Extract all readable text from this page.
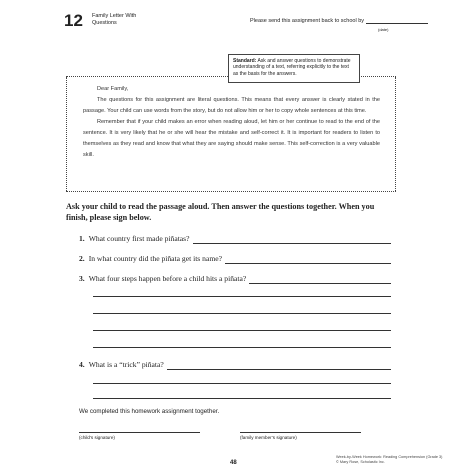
12 Family Letter With Questions	Please send this assignment back to school by
(date)
Standard: Ask and answer questions to demonstrate understanding of a text, referring explicitly to the text as the basis for the answers.

Dear Family,

The questions for this assignment are literal questions. This means that every answer is clearly stated in the passage. Your child can use words from the story, but do not allow him or her to copy whole sentences at this time.

Remember that if your child makes an error when reading aloud, let him or her continue to read to the end of the sentence. It is very likely that he or she will hear the mistake and self-correct it. It is important for readers to listen to themselves as they read and know that what they are saying should make sense. This self-correction is a very valuable skill.

Ask your child to read the passage aloud. Then answer the questions together. When you finish, please sign below.
1. What country first made piñatas?
2. In what country did the piñata get its name?
3. What four steps happen before a child hits a piñata?
4. What is a “trick” piñata?
We completed this homework assignment together.
(child’s signature)	(family member’s signature)
48
Week-by-Week Homework: Reading Comprehension (Grade 3)
© Mary Rose, Scholastic Inc.
